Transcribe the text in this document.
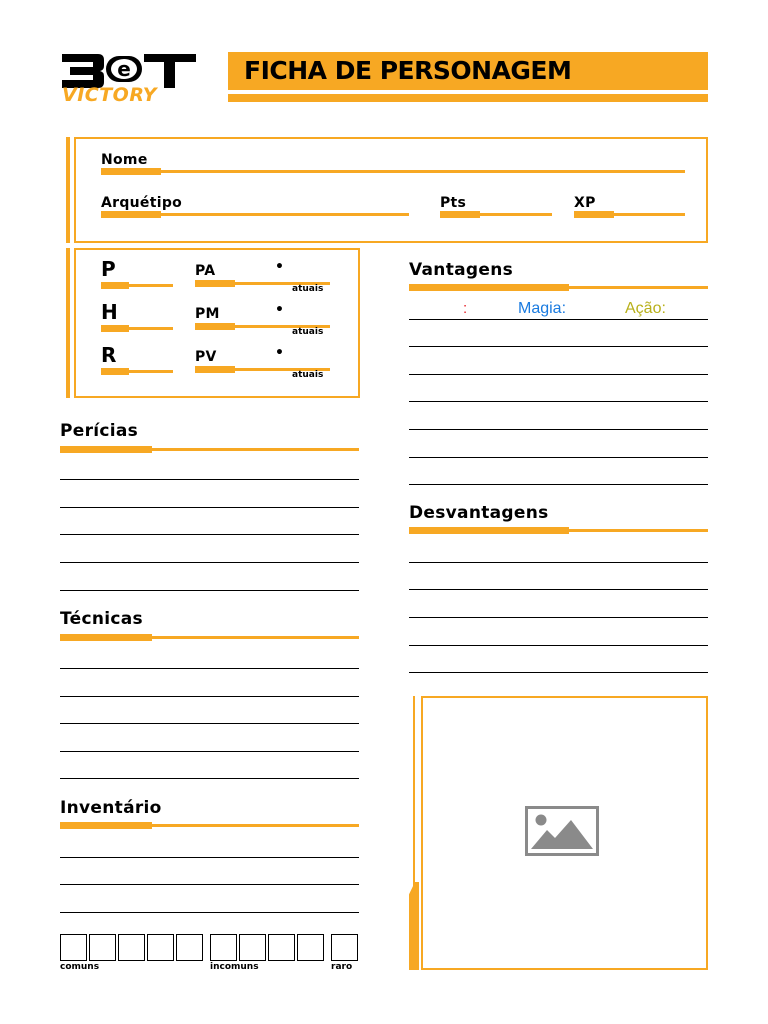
e
VICTORY
FICHA DE PERSONAGEM
Nome
Arquétipo	Pts	XP
P	PA	•
atuais
H	PM	•
atuais
R	PV	•
atuais
Perícias
Técnicas
Inventário
comuns	incomuns	raro
Vantagens
:	Magia:	Ação:
Desvantagens
